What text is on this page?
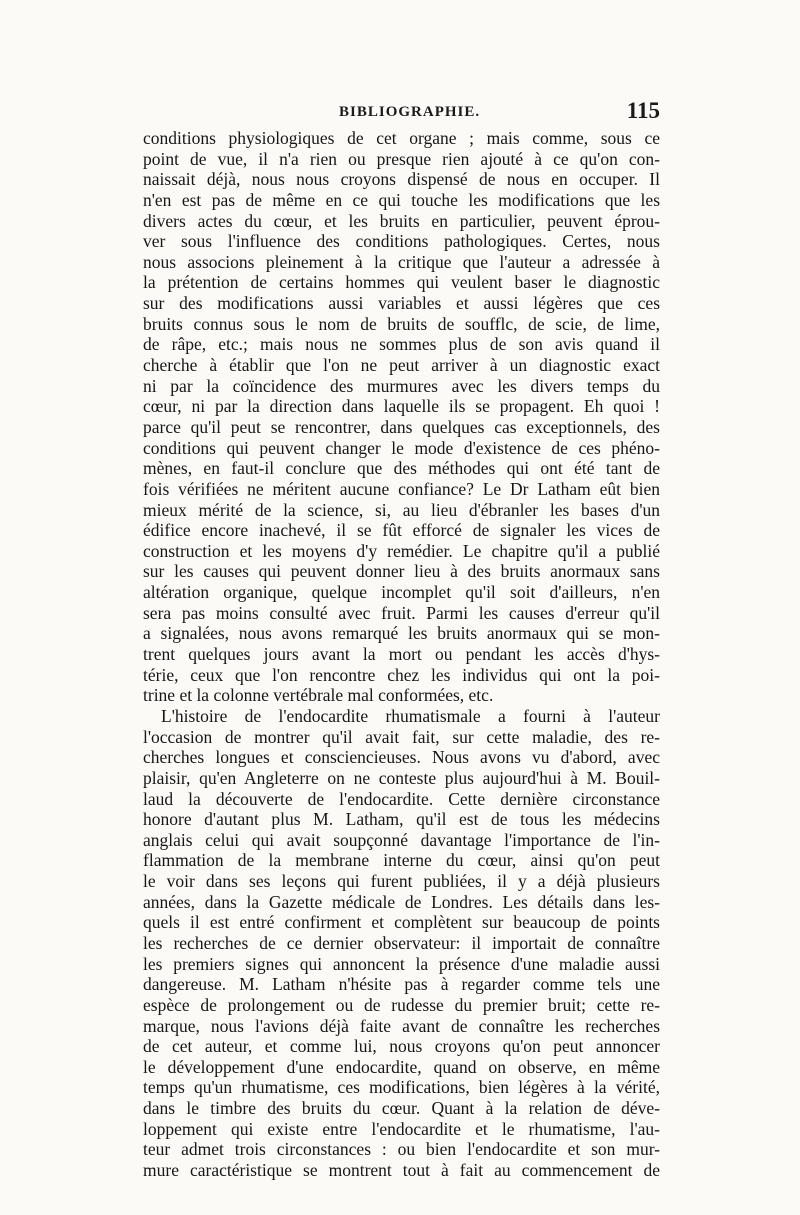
BIBLIOGRAPHIE.	115
conditions physiologiques de cet organe ; mais comme, sous ce
point de vue, il n'a rien ou presque rien ajouté à ce qu'on con-
naissait déjà, nous nous croyons dispensé de nous en occuper. Il
n'en est pas de même en ce qui touche les modifications que les
divers actes du cœur, et les bruits en particulier, peuvent éprou-
ver sous l'influence des conditions pathologiques. Certes, nous
nous associons pleinement à la critique que l'auteur a adressée à
la prétention de certains hommes qui veulent baser le diagnostic
sur des modifications aussi variables et aussi légères que ces
bruits connus sous le nom de bruits de soufflc, de scie, de lime,
de râpe, etc.; mais nous ne sommes plus de son avis quand il
cherche à établir que l'on ne peut arriver à un diagnostic exact
ni par la coïncidence des murmures avec les divers temps du
cœur, ni par la direction dans laquelle ils se propagent. Eh quoi !
parce qu'il peut se rencontrer, dans quelques cas exceptionnels, des
conditions qui peuvent changer le mode d'existence de ces phéno-
mènes, en faut-il conclure que des méthodes qui ont été tant de
fois vérifiées ne méritent aucune confiance? Le Dr Latham eût bien
mieux mérité de la science, si, au lieu d'ébranler les bases d'un
édifice encore inachevé, il se fût efforcé de signaler les vices de
construction et les moyens d'y remédier. Le chapitre qu'il a publié
sur les causes qui peuvent donner lieu à des bruits anormaux sans
altération organique, quelque incomplet qu'il soit d'ailleurs, n'en
sera pas moins consulté avec fruit. Parmi les causes d'erreur qu'il
a signalées, nous avons remarqué les bruits anormaux qui se mon-
trent quelques jours avant la mort ou pendant les accès d'hys-
térie, ceux que l'on rencontre chez les individus qui ont la poi-
trine et la colonne vertébrale mal conformées, etc.
L'histoire de l'endocardite rhumatismale a fourni à l'auteur
l'occasion de montrer qu'il avait fait, sur cette maladie, des re-
cherches longues et consciencieuses. Nous avons vu d'abord, avec
plaisir, qu'en Angleterre on ne conteste plus aujourd'hui à M. Bouil-
laud la découverte de l'endocardite. Cette dernière circonstance
honore d'autant plus M. Latham, qu'il est de tous les médecins
anglais celui qui avait soupçonné davantage l'importance de l'in-
flammation de la membrane interne du cœur, ainsi qu'on peut
le voir dans ses leçons qui furent publiées, il y a déjà plusieurs
années, dans la Gazette médicale de Londres. Les détails dans les-
quels il est entré confirment et complètent sur beaucoup de points
les recherches de ce dernier observateur: il importait de connaître
les premiers signes qui annoncent la présence d'une maladie aussi
dangereuse. M. Latham n'hésite pas à regarder comme tels une
espèce de prolongement ou de rudesse du premier bruit; cette re-
marque, nous l'avions déjà faite avant de connaître les recherches
de cet auteur, et comme lui, nous croyons qu'on peut annoncer
le développement d'une endocardite, quand on observe, en même
temps qu'un rhumatisme, ces modifications, bien légères à la vérité,
dans le timbre des bruits du cœur. Quant à la relation de déve-
loppement qui existe entre l'endocardite et le rhumatisme, l'au-
teur admet trois circonstances : ou bien l'endocardite et son mur-
mure caractéristique se montrent tout à fait au commencement de
